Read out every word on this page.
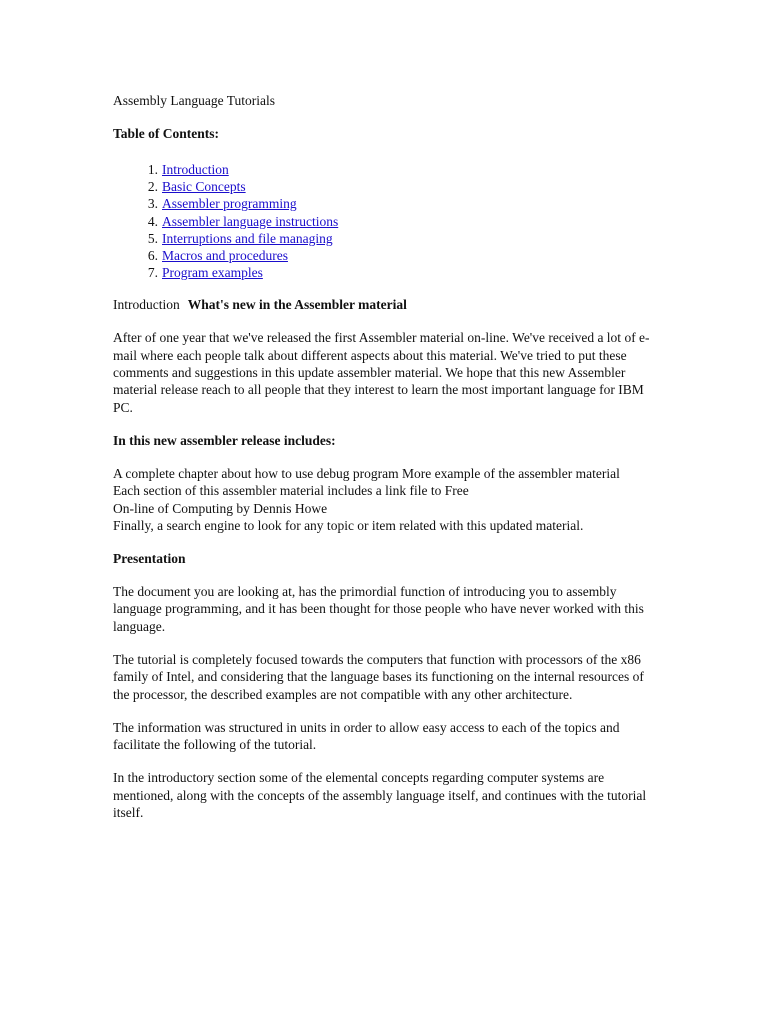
Assembly Language Tutorials

Table of Contents:

1. Introduction
2. Basic Concepts
3. Assembler programming
4. Assembler language instructions
5. Interruptions and file managing
6. Macros and procedures
7. Program examples

Introduction What's new in the Assembler material

After of one year that we've released the first Assembler material on-line. We've received a lot of e-mail where each people talk about different aspects about this material. We've tried to put these comments and suggestions in this update assembler material. We hope that this new Assembler material release reach to all people that they interest to learn the most important language for IBM PC.

In this new assembler release includes:

A complete chapter about how to use debug program More example of the assembler material
Each section of this assembler material includes a link file to Free
On-line of Computing by Dennis Howe
Finally, a search engine to look for any topic or item related with this updated material.

Presentation

The document you are looking at, has the primordial function of introducing you to assembly language programming, and it has been thought for those people who have never worked with this language.

The tutorial is completely focused towards the computers that function with processors of the x86 family of Intel, and considering that the language bases its functioning on the internal resources of the processor, the described examples are not compatible with any other architecture.

The information was structured in units in order to allow easy access to each of the topics and facilitate the following of the tutorial.

In the introductory section some of the elemental concepts regarding computer systems are mentioned, along with the concepts of the assembly language itself, and continues with the tutorial itself.
